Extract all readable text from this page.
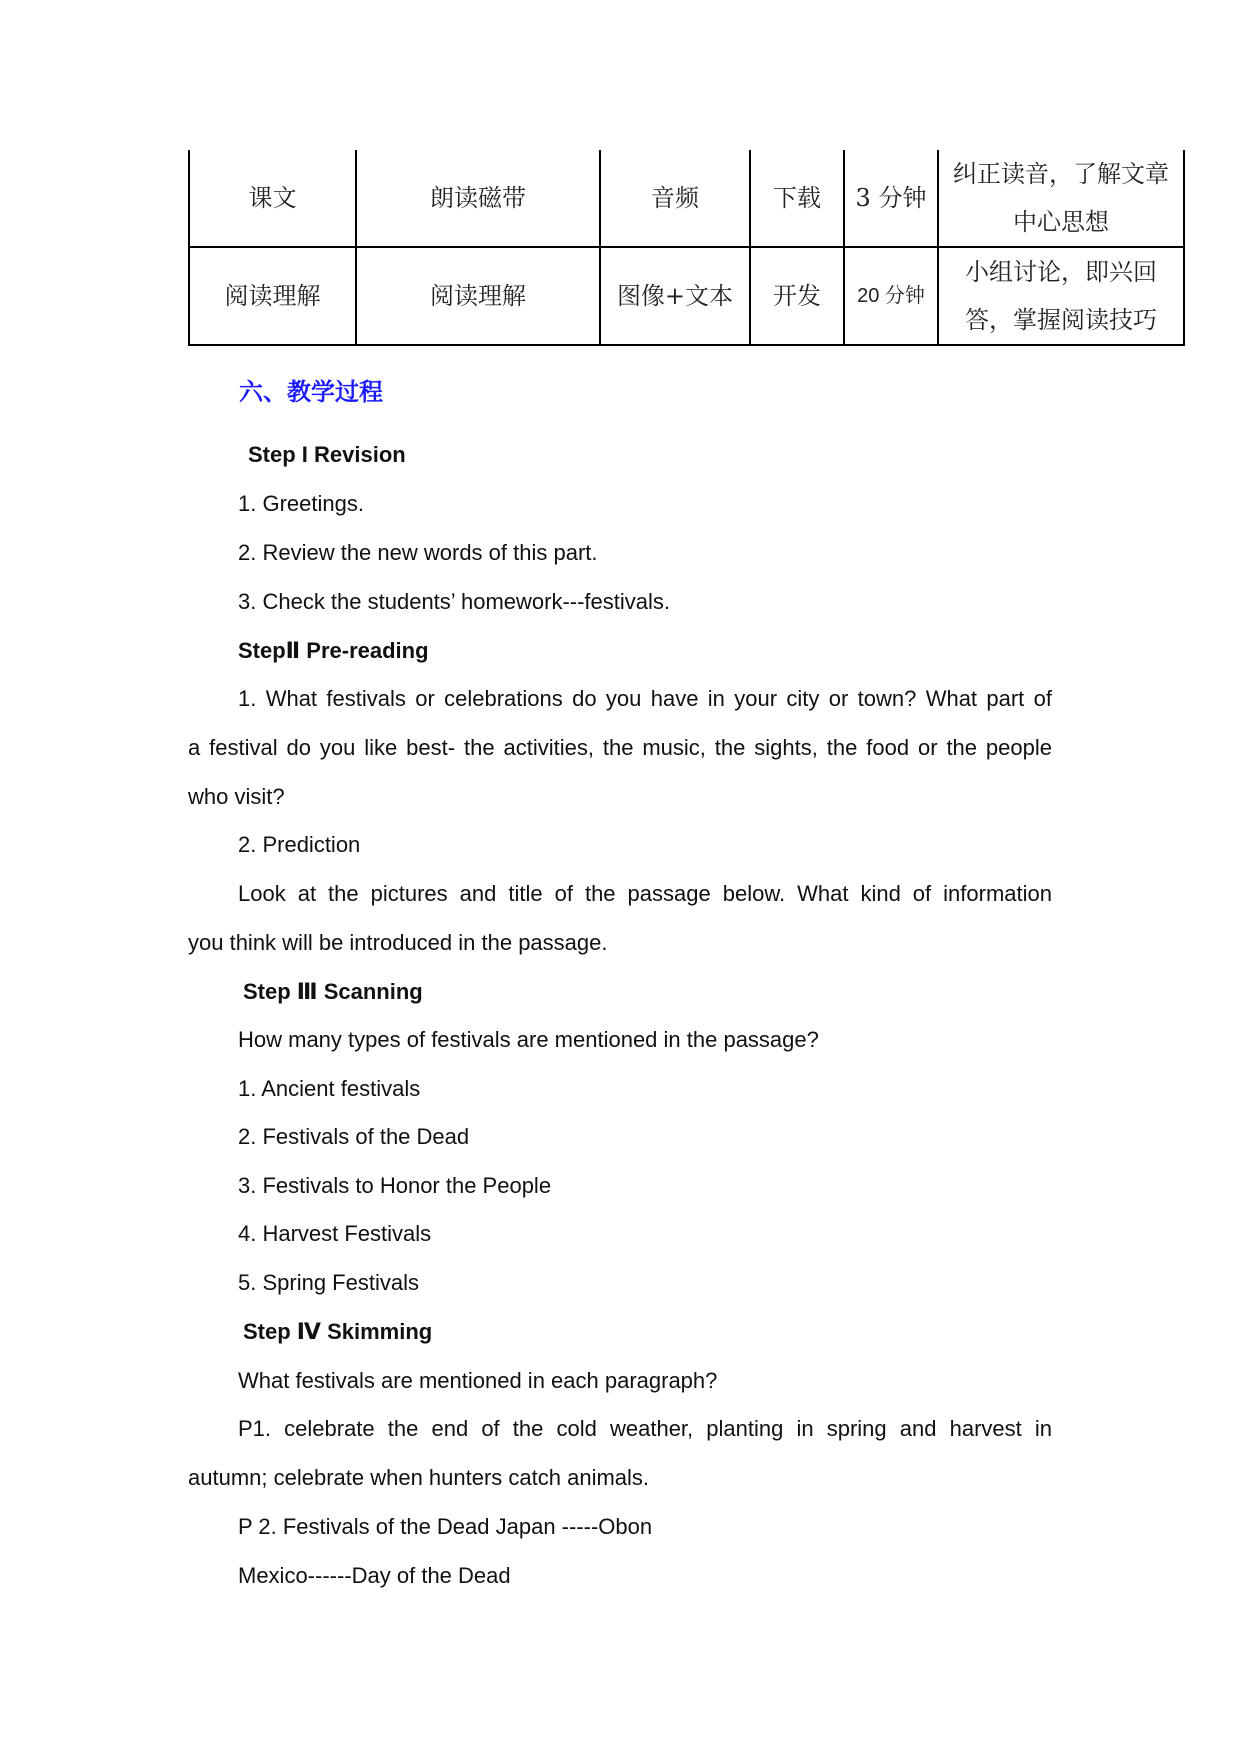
课文	朗读磁带	音频	下载	3 分钟	纠正读音，了解文章中心思想
阅读理解	阅读理解	图像+文本	开发	20 分钟	小组讨论，即兴回答，掌握阅读技巧
六、教学过程
Step I Revision
1. Greetings.
2. Review the new words of this part.
3. Check the students’ homework---festivals.
StepⅡ Pre-reading
1. What festivals or celebrations do you have in your city or town? What part of
a festival do you like best- the activities, the music, the sights, the food or the people
who visit?
2. Prediction
Look at the pictures and title of the passage below. What kind of information
you think will be introduced in the passage.
Step Ⅲ Scanning
How many types of festivals are mentioned in the passage?
1. Ancient festivals
2. Festivals of the Dead
3. Festivals to Honor the People
4. Harvest Festivals
5. Spring Festivals
Step Ⅳ Skimming
What festivals are mentioned in each paragraph?
P1. celebrate the end of the cold weather, planting in spring and harvest in
autumn; celebrate when hunters catch animals.
P 2. Festivals of the Dead Japan -----Obon
Mexico------Day of the Dead
